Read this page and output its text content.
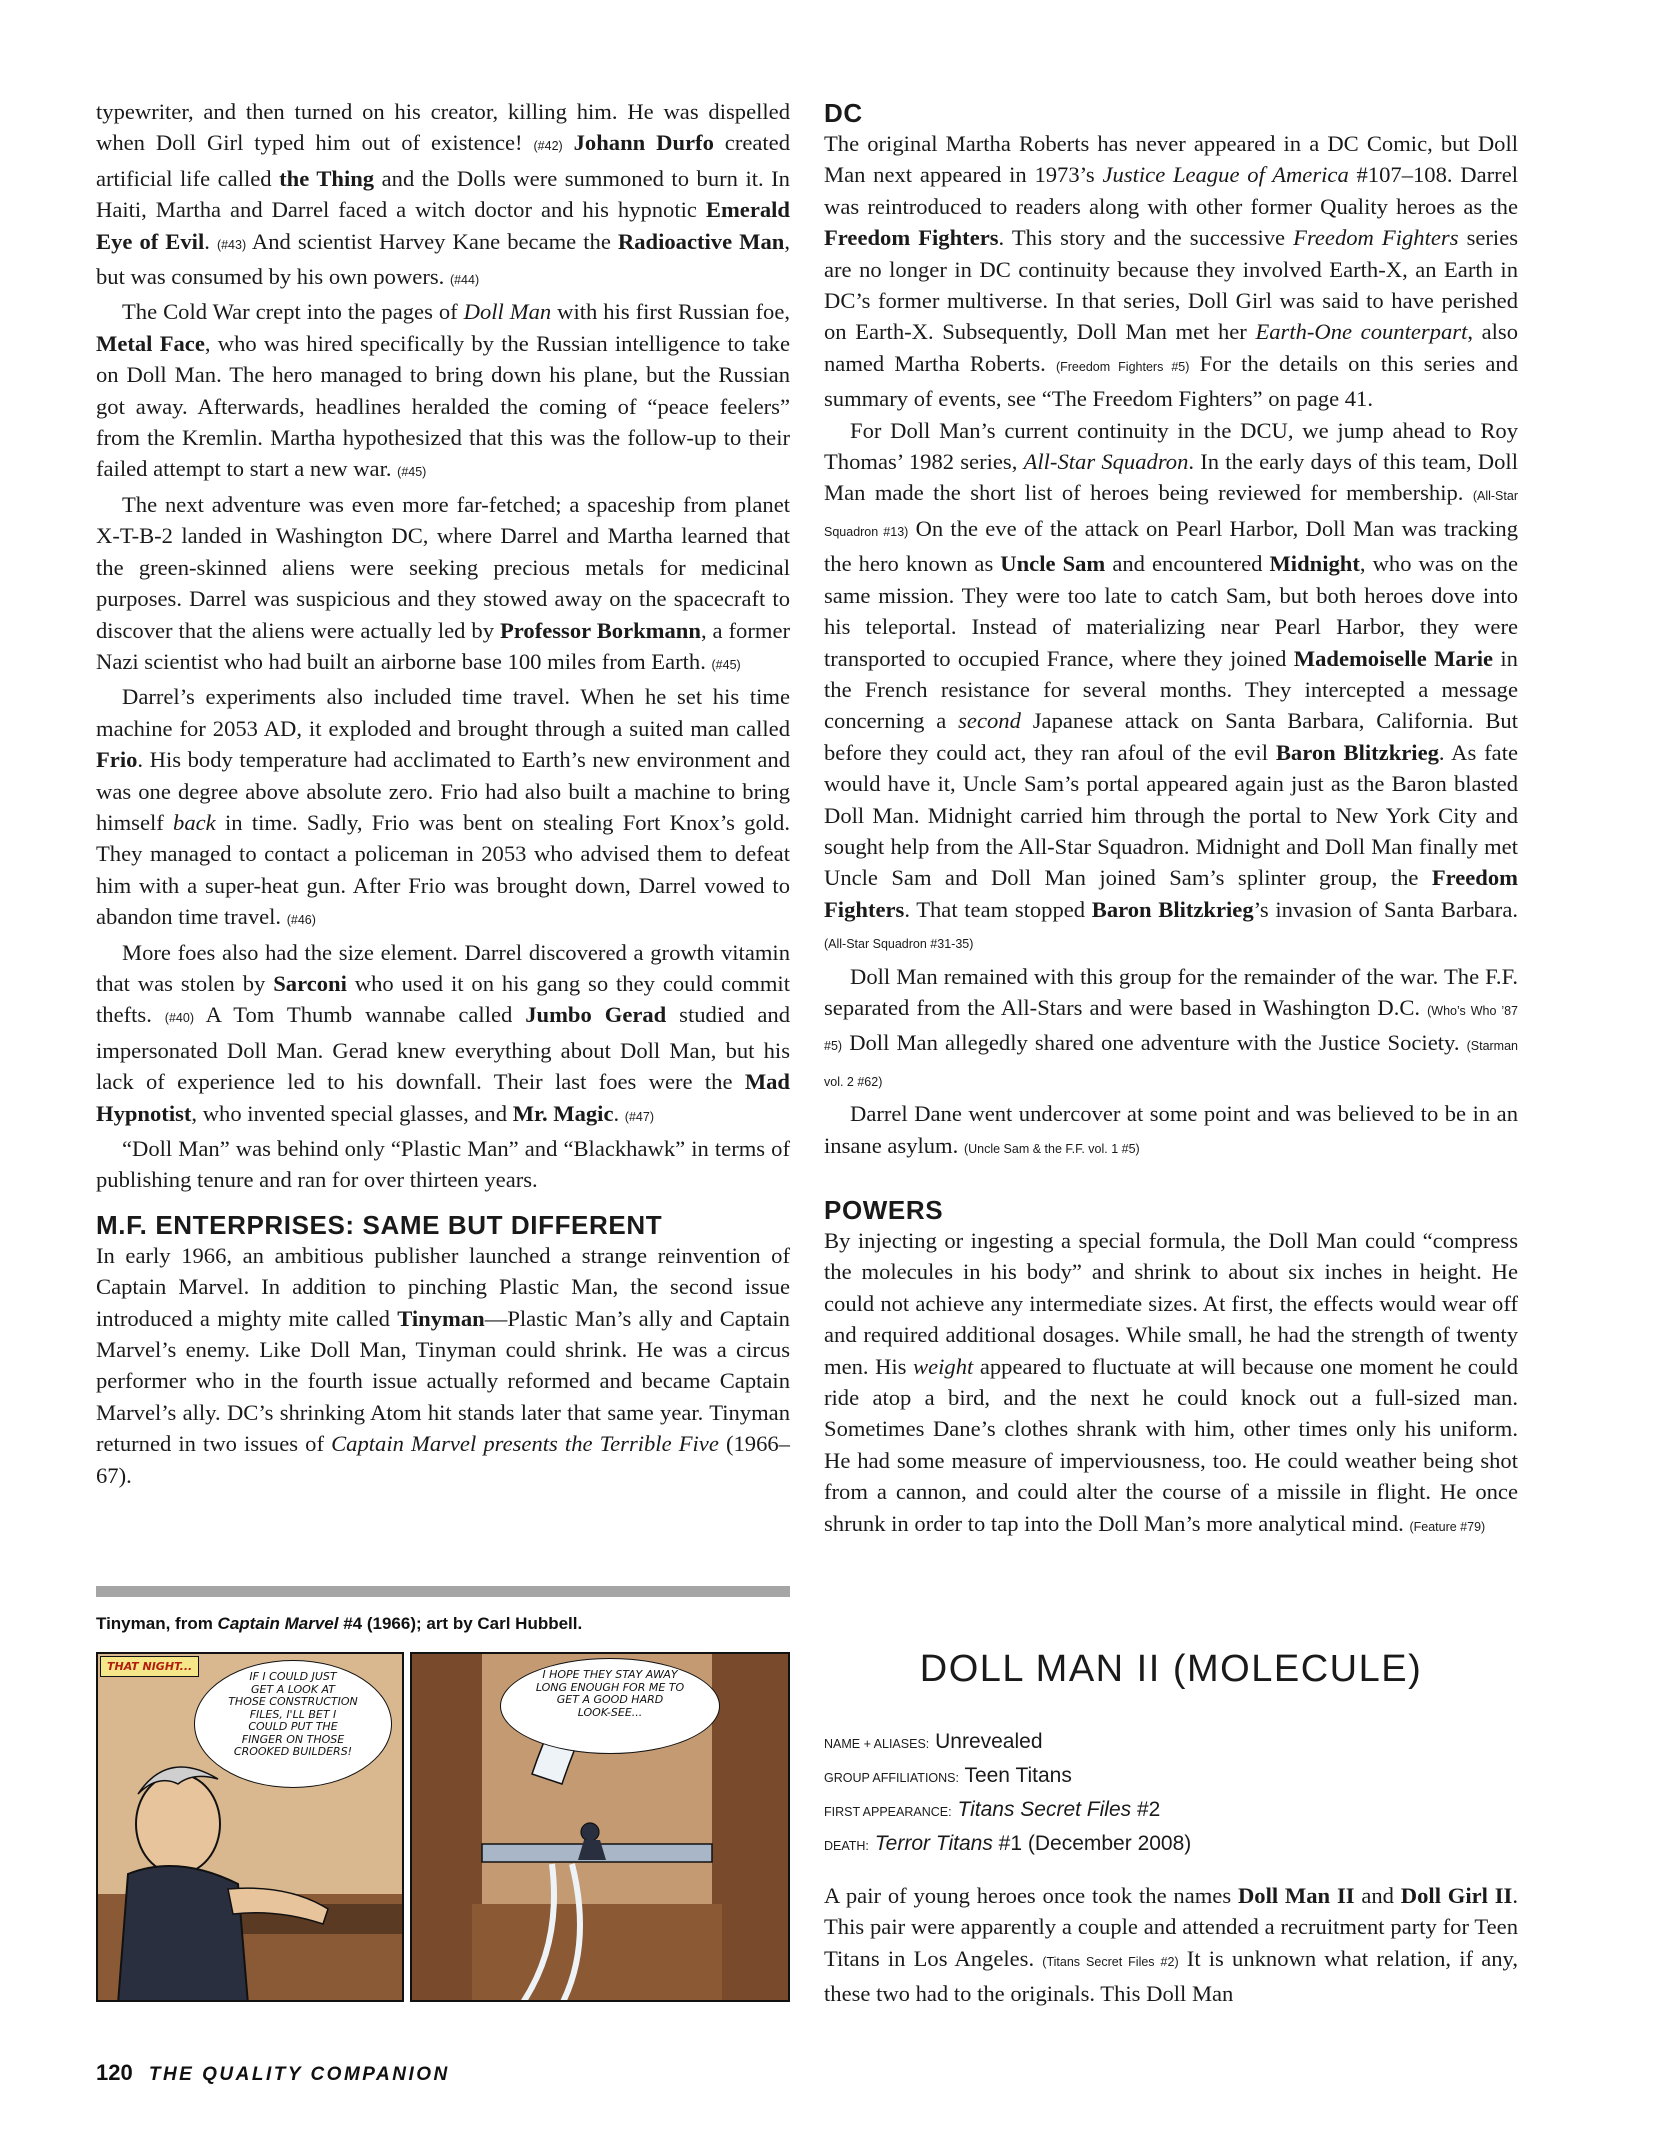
typewriter, and then turned on his creator, killing him. He was dispelled when Doll Girl typed him out of existence! (#42) Johann Durfo created artificial life called the Thing and the Dolls were summoned to burn it. In Haiti, Martha and Darrel faced a witch doctor and his hypnotic Emerald Eye of Evil. (#43) And scientist Harvey Kane became the Radioactive Man, but was consumed by his own powers. (#44)

The Cold War crept into the pages of Doll Man with his first Russian foe, Metal Face, who was hired specifically by the Russian intelligence to take on Doll Man. The hero managed to bring down his plane, but the Russian got away. Afterwards, headlines heralded the coming of “peace feelers” from the Kremlin. Martha hypothesized that this was the follow-up to their failed attempt to start a new war. (#45)

The next adventure was even more far-fetched; a spaceship from planet X-T-B-2 landed in Washington DC, where Darrel and Martha learned that the green-skinned aliens were seeking precious metals for medicinal purposes. Darrel was suspicious and they stowed away on the spacecraft to discover that the aliens were actually led by Professor Borkmann, a former Nazi scientist who had built an airborne base 100 miles from Earth. (#45)

Darrel’s experiments also included time travel. When he set his time machine for 2053 AD, it exploded and brought through a suited man called Frio. His body temperature had acclimated to Earth’s new environment and was one degree above absolute zero. Frio had also built a machine to bring himself back in time. Sadly, Frio was bent on stealing Fort Knox’s gold. They managed to contact a policeman in 2053 who advised them to defeat him with a super-heat gun. After Frio was brought down, Darrel vowed to abandon time travel. (#46)

More foes also had the size element. Darrel discovered a growth vitamin that was stolen by Sarconi who used it on his gang so they could commit thefts. (#40) A Tom Thumb wannabe called Jumbo Gerad studied and impersonated Doll Man. Gerad knew everything about Doll Man, but his lack of experience led to his downfall. Their last foes were the Mad Hypnotist, who invented special glasses, and Mr. Magic. (#47)

“Doll Man” was behind only “Plastic Man” and “Blackhawk” in terms of publishing tenure and ran for over thirteen years.

M.F. ENTERPRISES: SAME BUT DIFFERENT

In early 1966, an ambitious publisher launched a strange reinvention of Captain Marvel. In addition to pinching Plastic Man, the second issue introduced a mighty mite called Tinyman—Plastic Man’s ally and Captain Marvel’s enemy. Like Doll Man, Tinyman could shrink. He was a circus performer who in the fourth issue actually reformed and became Captain Marvel’s ally. DC’s shrinking Atom hit stands later that same year. Tinyman returned in two issues of Captain Marvel presents the Terrible Five (1966–67).

Tinyman, from Captain Marvel #4 (1966); art by Carl Hubbell.
THAT NIGHT...
IF I COULD JUST
GET A LOOK AT
THOSE CONSTRUCTION
FILES, I'LL BET I
COULD PUT THE
FINGER ON THOSE
CROOKED BUILDERS!
I HOPE THEY STAY AWAY
LONG ENOUGH FOR ME TO
GET A GOOD HARD
LOOK-SEE...
DC

The original Martha Roberts has never appeared in a DC Comic, but Doll Man next appeared in 1973’s Justice League of America #107–108. Darrel was reintroduced to readers along with other former Quality heroes as the Freedom Fighters. This story and the successive Freedom Fighters series are no longer in DC continuity because they involved Earth-X, an Earth in DC’s former multiverse. In that series, Doll Girl was said to have perished on Earth-X. Subsequently, Doll Man met her Earth-One counterpart, also named Martha Roberts. (Freedom Fighters #5) For the details on this series and summary of events, see “The Freedom Fighters” on page 41.

For Doll Man’s current continuity in the DCU, we jump ahead to Roy Thomas’ 1982 series, All-Star Squadron. In the early days of this team, Doll Man made the short list of heroes being reviewed for membership. (All-Star Squadron #13) On the eve of the attack on Pearl Harbor, Doll Man was tracking the hero known as Uncle Sam and encountered Midnight, who was on the same mission. They were too late to catch Sam, but both heroes dove into his teleportal. Instead of materializing near Pearl Harbor, they were transported to occupied France, where they joined Mademoiselle Marie in the French resistance for several months. They intercepted a message concerning a second Japanese attack on Santa Barbara, California. But before they could act, they ran afoul of the evil Baron Blitzkrieg. As fate would have it, Uncle Sam’s portal appeared again just as the Baron blasted Doll Man. Midnight carried him through the portal to New York City and sought help from the All-Star Squadron. Midnight and Doll Man finally met Uncle Sam and Doll Man joined Sam’s splinter group, the Freedom Fighters. That team stopped Baron Blitzkrieg’s invasion of Santa Barbara. (All-Star Squadron #31-35)

Doll Man remained with this group for the remainder of the war. The F.F. separated from the All-Stars and were based in Washington D.C. (Who’s Who ’87 #5) Doll Man allegedly shared one adventure with the Justice Society. (Starman vol. 2 #62)

Darrel Dane went undercover at some point and was believed to be in an insane asylum. (Uncle Sam & the F.F. vol. 1 #5)

POWERS

By injecting or ingesting a special formula, the Doll Man could “compress the molecules in his body” and shrink to about six inches in height. He could not achieve any intermediate sizes. At first, the effects would wear off and required additional dosages. While small, he had the strength of twenty men. His weight appeared to fluctuate at will because one moment he could ride atop a bird, and the next he could knock out a full-sized man. Sometimes Dane’s clothes shrank with him, other times only his uniform. He had some measure of imperviousness, too. He could weather being shot from a cannon, and could alter the course of a missile in flight. He once shrunk in order to tap into the Doll Man’s more analytical mind. (Feature #79)

DOLL MAN II (MOLECULE)

NAME + ALIASES: Unrevealed

GROUP AFFILIATIONS: Teen Titans

FIRST APPEARANCE: Titans Secret Files #2

DEATH: Terror Titans #1 (December 2008)

A pair of young heroes once took the names Doll Man II and Doll Girl II. This pair were apparently a couple and attended a recruitment party for Teen Titans in Los Angeles. (Titans Secret Files #2) It is unknown what relation, if any, these two had to the originals. This Doll Man

120 THE QUALITY COMPANION
